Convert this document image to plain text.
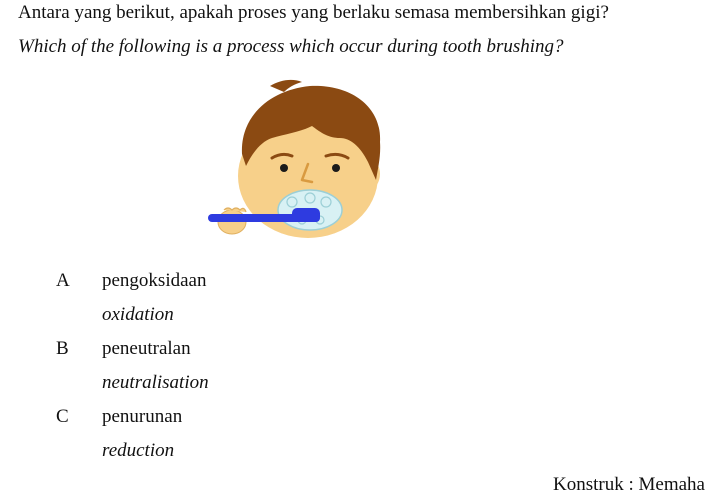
Antara yang berikut, apakah proses yang berlaku semasa membersihkan gigi?
Which of the following is a process which occur during tooth brushing?
A pengoksidaan
oxidation
B peneutralan
neutralisation
C penurunan
reduction
Konstruk : Memaha
